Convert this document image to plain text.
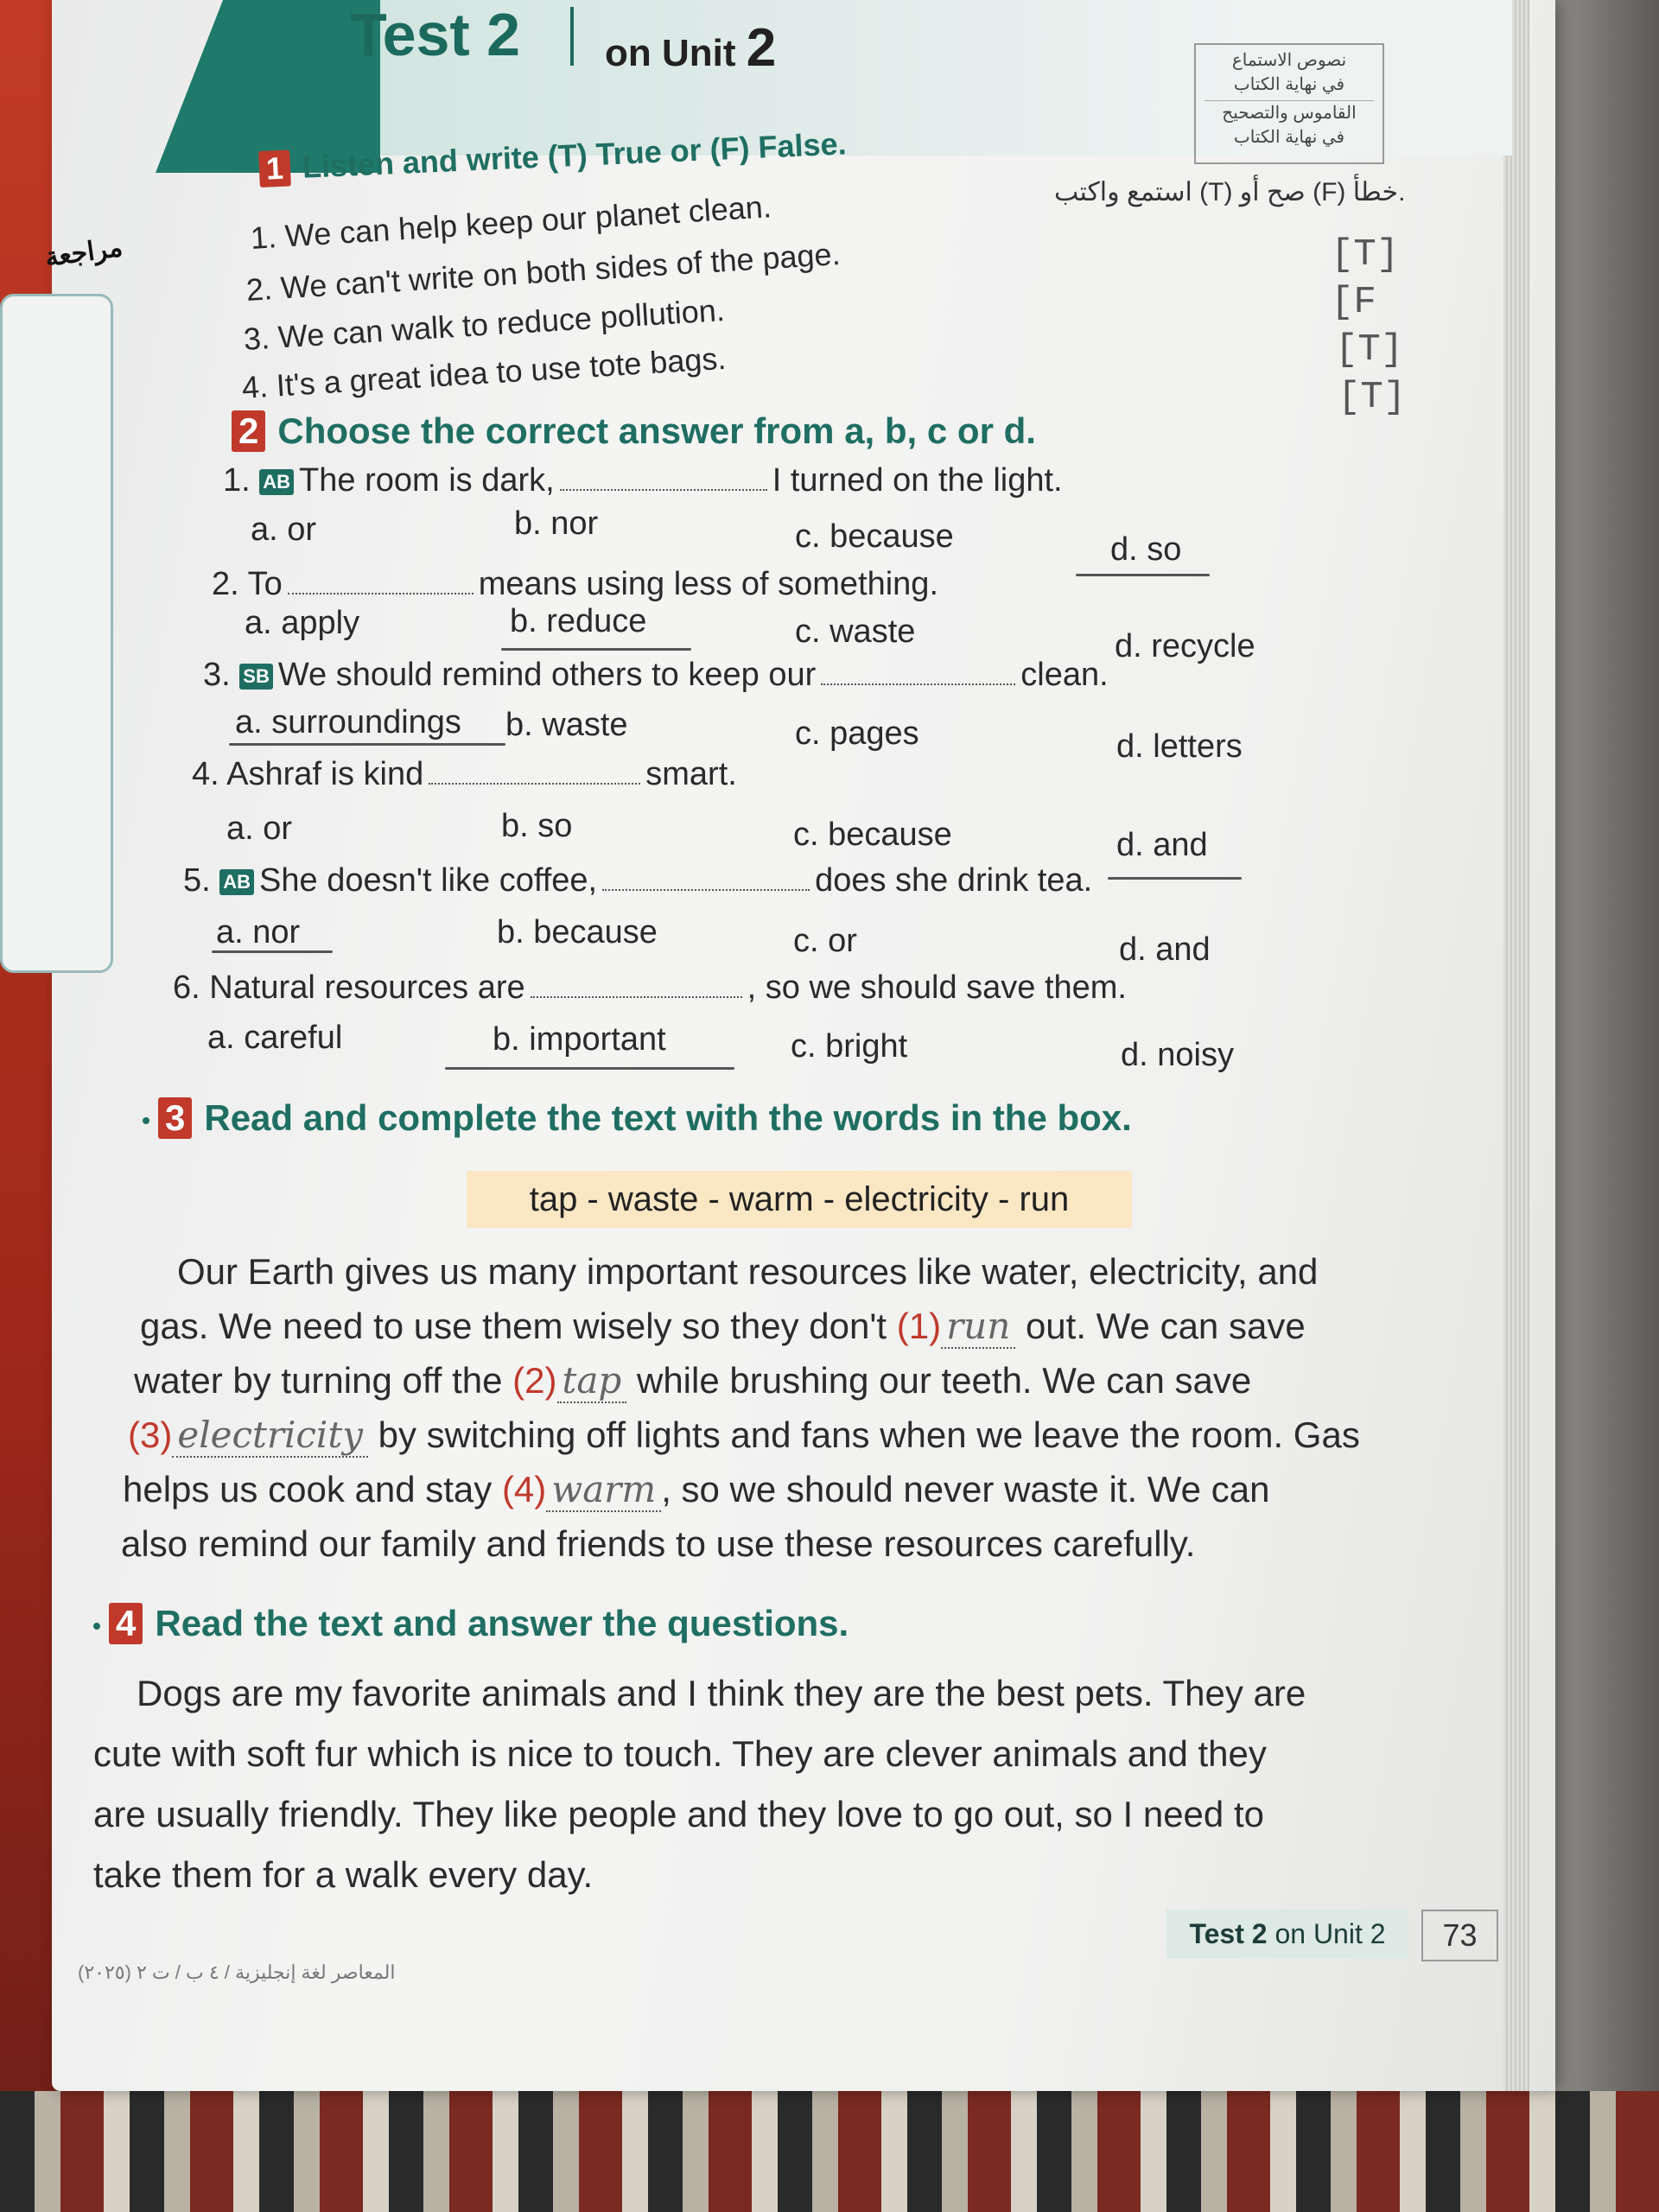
Test 2 on Unit 2	نصوص الاستماع
في نهاية الكتاب
القاموس والتصحيح
في نهاية الكتاب
مراجعة
1 Listen and write (T) True or (F) False.
استمع واكتب (T) صح أو (F) خطأ.
1. We can help keep our planet clean.
2. We can't write on both sides of the page.
3. We can walk to reduce pollution.
4. It's a great idea to use tote bags.
[T]
[F
[T]
[T]
2 Choose the correct answer from a, b, c or d.
1. AB The room is dark,	I turned on the light.
a. or	b. nor	c. because	d. so
2. To	means using less of something.
a. apply	b. reduce	c. waste	d. recycle
3. SB We should remind others to keep our	clean.
a. surroundings b. waste	c. pages	d. letters
4. Ashraf is kind	smart.
a. or	b. so	c. because	d. and
5. AB She doesn't like coffee,	does she drink tea.
a. nor	b. because	c. or	d. and
6. Natural resources are	, so we should save them.
a. careful	b. important	c. bright	d. noisy
3 Read and complete the text with the words in the box.
tap - waste - warm - electricity - run
Our Earth gives us many important resources like water, electricity, and
gas. We need to use them wisely so they don't (1) run out. We can save
water by turning off the (2) tap while brushing our teeth. We can save
(3) electricity by switching off lights and fans when we leave the room. Gas
helps us cook and stay (4) warm , so we should never waste it. We can
also remind our family and friends to use these resources carefully.
4 Read the text and answer the questions.
Dogs are my favorite animals and I think they are the best pets. They are
cute with soft fur which is nice to touch. They are clever animals and they
are usually friendly. They like people and they love to go out, so I need to
take them for a walk every day.
Test 2 on Unit 2	73
المعاصر لغة إنجليزية / ٤ ب / ت ٢ (٢٠٢٥)
